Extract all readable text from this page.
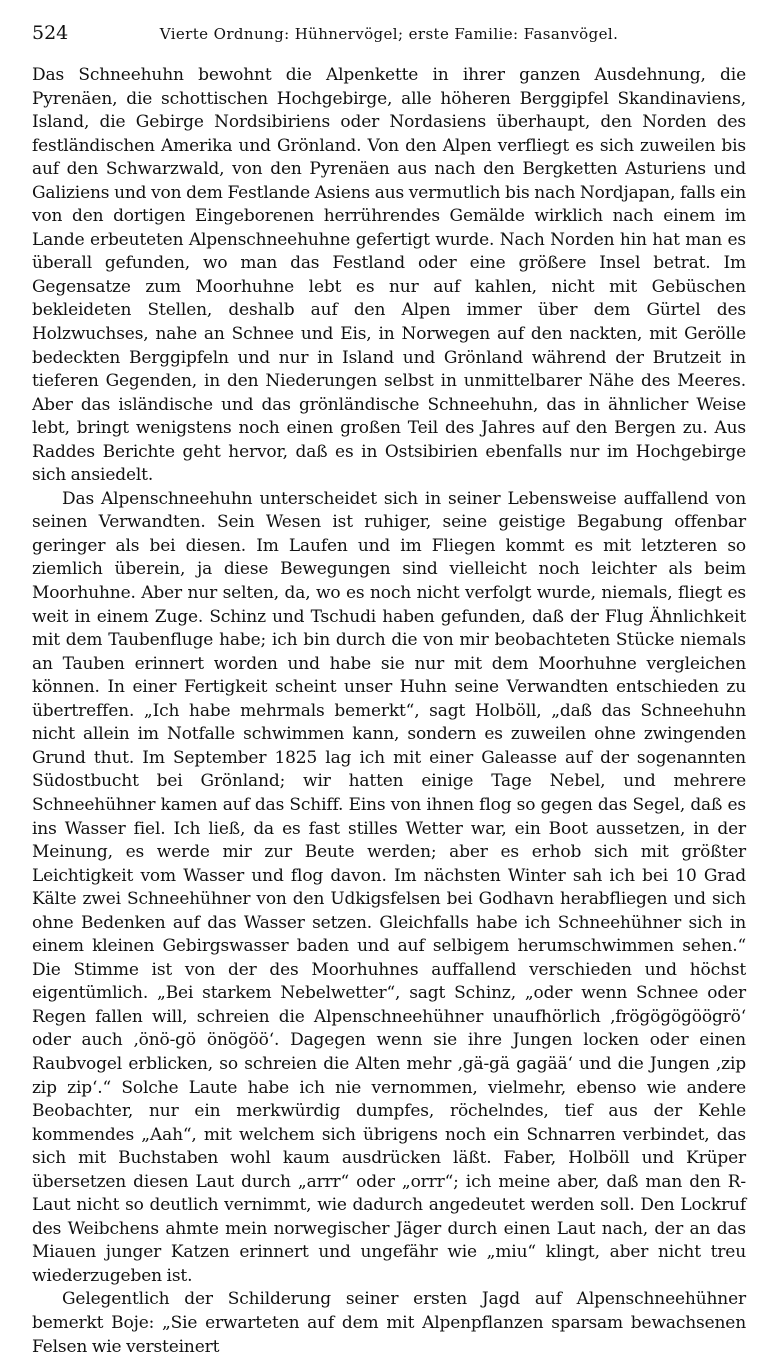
524	Vierte Ordnung: Hühnervögel; erste Familie: Fasanvögel.

Das Schneehuhn bewohnt die Alpenkette in ihrer ganzen Ausdehnung, die Pyrenäen, die schottischen Hochgebirge, alle höheren Berggipfel Skandinaviens, Island, die Gebirge Nordsibiriens oder Nordasiens überhaupt, den Norden des festländischen Amerika und Grönland. Von den Alpen verfliegt es sich zuweilen bis auf den Schwarzwald, von den Pyrenäen aus nach den Bergketten Asturiens und Galiziens und von dem Festlande Asiens aus vermutlich bis nach Nordjapan, falls ein von den dortigen Eingeborenen herrührendes Gemälde wirklich nach einem im Lande erbeuteten Alpenschneehuhne gefertigt wurde. Nach Norden hin hat man es überall gefunden, wo man das Festland oder eine größere Insel betrat. Im Gegensatze zum Moorhuhne lebt es nur auf kahlen, nicht mit Gebüschen bekleideten Stellen, deshalb auf den Alpen immer über dem Gürtel des Holzwuchses, nahe an Schnee und Eis, in Norwegen auf den nackten, mit Gerölle bedeckten Berggipfeln und nur in Island und Grönland während der Brutzeit in tieferen Gegenden, in den Niederungen selbst in unmittelbarer Nähe des Meeres. Aber das isländische und das grönländische Schneehuhn, das in ähnlicher Weise lebt, bringt wenigstens noch einen großen Teil des Jahres auf den Bergen zu. Aus Raddes Berichte geht hervor, daß es in Ostsibirien ebenfalls nur im Hochgebirge sich ansiedelt.

Das Alpenschneehuhn unterscheidet sich in seiner Lebensweise auffallend von seinen Verwandten. Sein Wesen ist ruhiger, seine geistige Begabung offenbar geringer als bei diesen. Im Laufen und im Fliegen kommt es mit letzteren so ziemlich überein, ja diese Bewegungen sind vielleicht noch leichter als beim Moorhuhne. Aber nur selten, da, wo es noch nicht verfolgt wurde, niemals, fliegt es weit in einem Zuge. Schinz und Tschudi haben gefunden, daß der Flug Ähnlichkeit mit dem Taubenfluge habe; ich bin durch die von mir beobachteten Stücke niemals an Tauben erinnert worden und habe sie nur mit dem Moorhuhne vergleichen können. In einer Fertigkeit scheint unser Huhn seine Verwandten entschieden zu übertreffen. „Ich habe mehrmals bemerkt“, sagt Holböll, „daß das Schneehuhn nicht allein im Notfalle schwimmen kann, sondern es zuweilen ohne zwingenden Grund thut. Im September 1825 lag ich mit einer Galeasse auf der sogenannten Südostbucht bei Grönland; wir hatten einige Tage Nebel, und mehrere Schneehühner kamen auf das Schiff. Eins von ihnen flog so gegen das Segel, daß es ins Wasser fiel. Ich ließ, da es fast stilles Wetter war, ein Boot aussetzen, in der Meinung, es werde mir zur Beute werden; aber es erhob sich mit größter Leichtigkeit vom Wasser und flog davon. Im nächsten Winter sah ich bei 10 Grad Kälte zwei Schneehühner von den Udkigsfelsen bei Godhavn herabfliegen und sich ohne Bedenken auf das Wasser setzen. Gleichfalls habe ich Schneehühner sich in einem kleinen Gebirgswasser baden und auf selbigem herumschwimmen sehen.“ Die Stimme ist von der des Moorhuhnes auffallend verschieden und höchst eigentümlich. „Bei starkem Nebelwetter“, sagt Schinz, „oder wenn Schnee oder Regen fallen will, schreien die Alpenschneehühner unaufhörlich ‚frögögögöögrö‘ oder auch ‚önö-gö önögöö‘. Dagegen wenn sie ihre Jungen locken oder einen Raubvogel erblicken, so schreien die Alten mehr ‚gä-gä gagää‘ und die Jungen ‚zip zip zip‘.“ Solche Laute habe ich nie vernommen, vielmehr, ebenso wie andere Beobachter, nur ein merkwürdig dumpfes, röchelndes, tief aus der Kehle kommendes „Aah“, mit welchem sich übrigens noch ein Schnarren verbindet, das sich mit Buchstaben wohl kaum ausdrücken läßt. Faber, Holböll und Krüper übersetzen diesen Laut durch „arrr“ oder „orrr“; ich meine aber, daß man den R-Laut nicht so deutlich vernimmt, wie dadurch angedeutet werden soll. Den Lockruf des Weibchens ahmte mein norwegischer Jäger durch einen Laut nach, der an das Miauen junger Katzen erinnert und ungefähr wie „miu“ klingt, aber nicht treu wiederzugeben ist.

Gelegentlich der Schilderung seiner ersten Jagd auf Alpenschneehühner bemerkt Boje: „Sie erwarteten auf dem mit Alpenpflanzen sparsam bewachsenen Felsen wie versteinert
